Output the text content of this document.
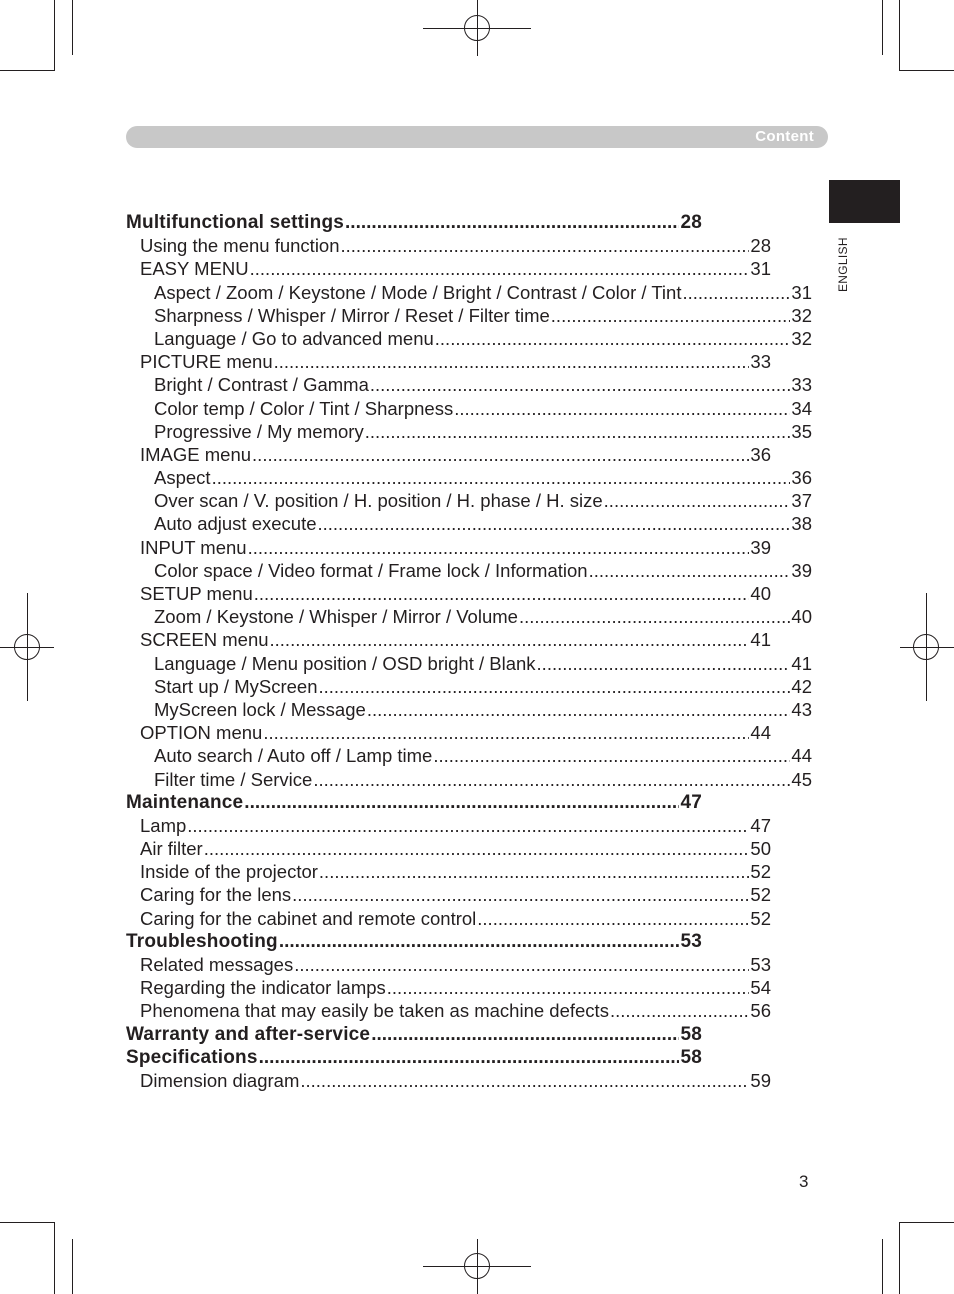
Content
ENGLISH
Multifunctional settings .....	28
Using the menu function .....	28
EASY MENU .....	31
Aspect / Zoom / Keystone / Mode / Bright / Contrast / Color / Tint .....	31
Sharpness / Whisper / Mirror / Reset / Filter time .....	32
Language / Go to advanced menu .....	32
PICTURE menu .....	33
Bright / Contrast / Gamma .....	33
Color temp / Color / Tint / Sharpness .....	34
Progressive / My memory .....	35
IMAGE menu .....	36
Aspect .....	36
Over scan / V. position / H. position / H. phase / H. size .....	37
Auto adjust execute .....	38
INPUT menu .....	39
Color space / Video format / Frame lock / Information .....	39
SETUP menu .....	40
Zoom / Keystone / Whisper / Mirror / Volume .....	40
SCREEN menu .....	41
Language / Menu position / OSD bright / Blank .....	41
Start up / MyScreen .....	42
MyScreen lock / Message .....	43
OPTION menu .....	44
Auto search / Auto off / Lamp time .....	44
Filter time / Service .....	45
Maintenance .....	47
Lamp .....	47
Air filter .....	50
Inside of the projector .....	52
Caring for the lens .....	52
Caring for the cabinet and remote control .....	52
Troubleshooting .....	53
Related messages .....	53
Regarding the indicator lamps .....	54
Phenomena that may easily be taken as machine defects .....	56
Warranty and after-service .....	58
Specifications .....	58
Dimension diagram .....	59
3
